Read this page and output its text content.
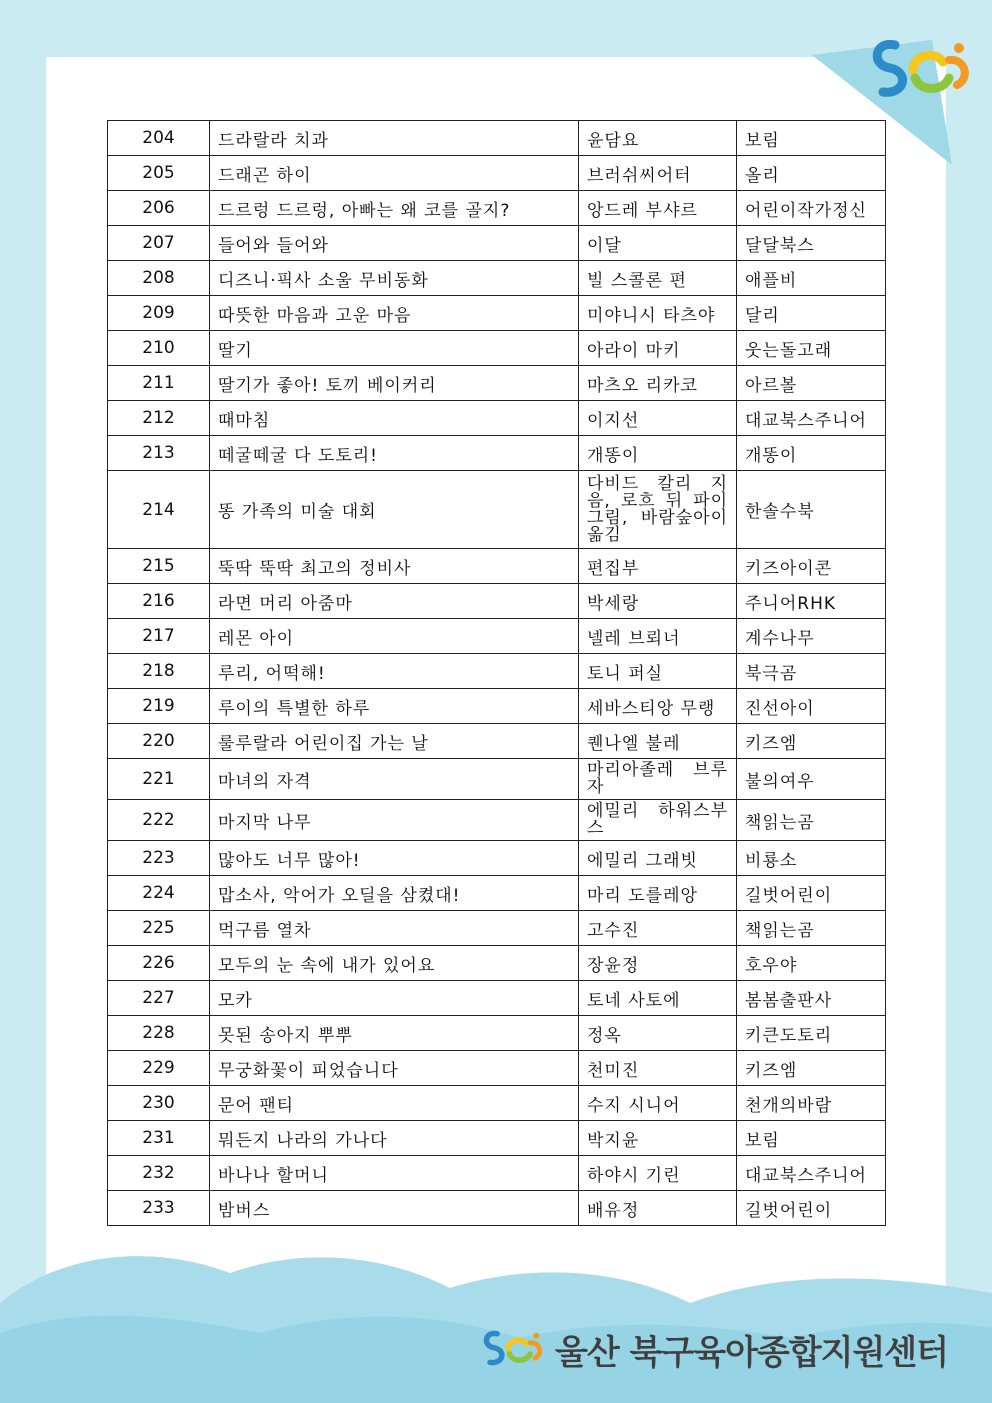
204	드라랄라 치과	윤담요	보림
205	드래곤 하이	브러쉬씨어터	올리
206	드르렁 드르렁, 아빠는 왜 코를 골지?	앙드레 부샤르	어린이작가정신
207	들어와 들어와	이달	달달북스
208	디즈니·픽사 소울 무비동화	빌 스콜론 편	애플비
209	따뜻한 마음과 고운 마음	미야니시 타츠야	달리
210	딸기	아라이 마키	웃는돌고래
211	딸기가 좋아! 토끼 베이커리	마츠오 리카코	아르볼
212	때마침	이지선	대교북스주니어
213	떼굴떼굴 다 도토리!	개똥이	개똥이
214	똥 가족의 미술 대회	다비드 칼리 지음, 로흐 뒤 파이 그림, 바람숲아이 옮김	한솔수북
215	뚝딱 뚝딱 최고의 정비사	편집부	키즈아이콘
216	라면 머리 아줌마	박세랑	주니어RHK
217	레몬 아이	넬레 브뢰너	계수나무
218	루리, 어떡해!	토니 퍼실	북극곰
219	루이의 특별한 하루	세바스티앙 무랭	진선아이
220	룰루랄라 어린이집 가는 날	퀜나엘 불레	키즈엠
221	마녀의 자격	마리아졸레 브루자	불의여우
222	마지막 나무	에밀리 하워스부스	책읽는곰
223	많아도 너무 많아!	에밀리 그래빗	비룡소
224	맙소사, 악어가 오딜을 삼켰대!	마리 도를레앙	길벗어린이
225	먹구름 열차	고수진	책읽는곰
226	모두의 눈 속에 내가 있어요	장윤정	호우야
227	모카	토네 사토에	봄봄출판사
228	못된 송아지 뿌뿌	정옥	키큰도토리
229	무궁화꽃이 피었습니다	천미진	키즈엠
230	문어 팬티	수지 시니어	천개의바람
231	뭐든지 나라의 가나다	박지윤	보림
232	바나나 할머니	하야시 기린	대교북스주니어
233	밤버스	배유정	길벗어린이
울산 북구육아종합지원센터
